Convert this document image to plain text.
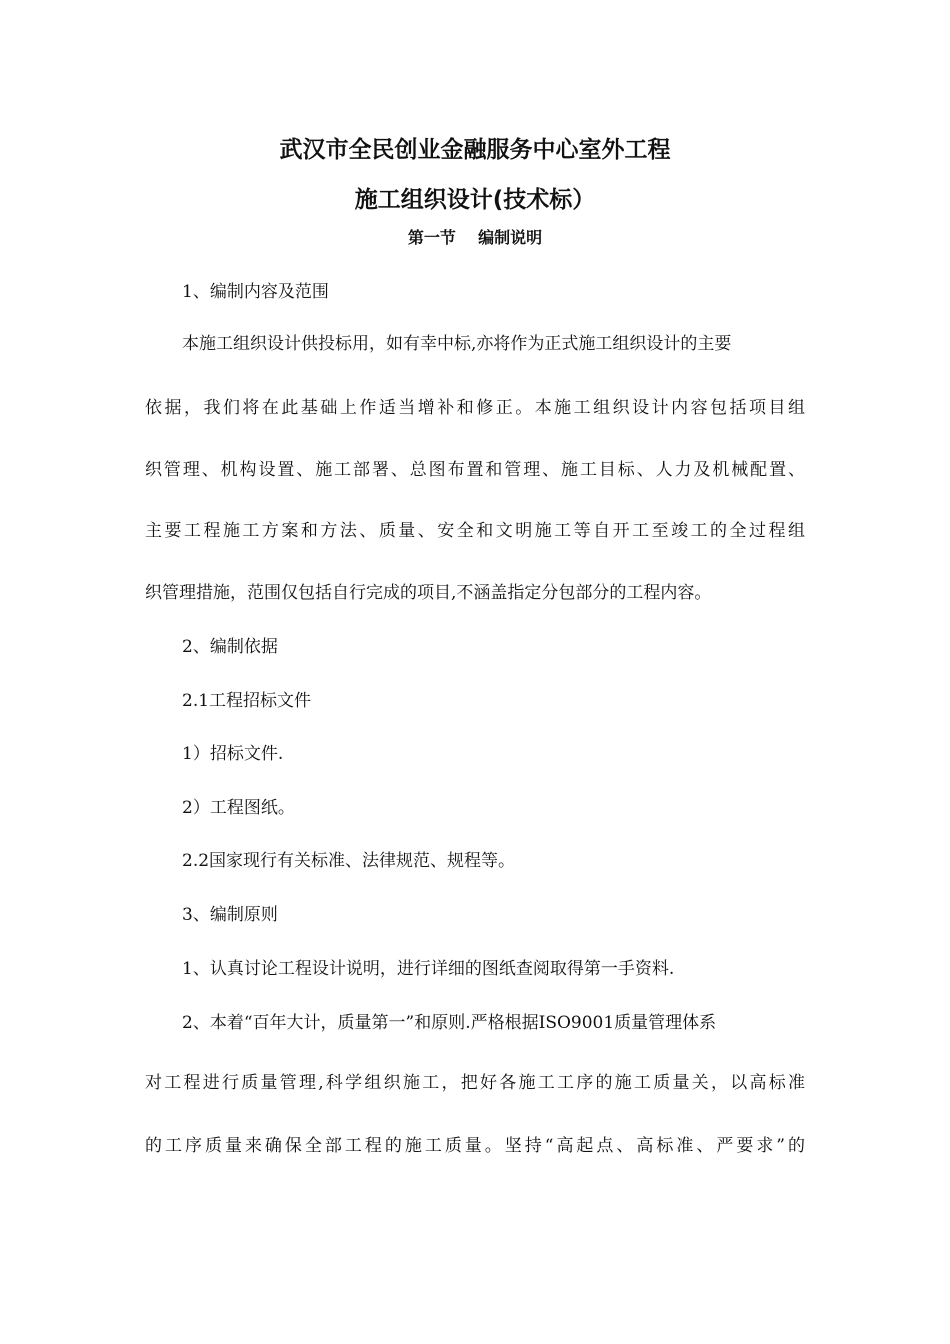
武汉市全民创业金融服务中心室外工程
施工组织设计(技术标）
第一节    编制说明
1、编制内容及范围
本施工组织设计供投标用，如有幸中标,亦将作为正式施工组织设计的主要
依据，我们将在此基础上作适当增补和修正。本施工组织设计内容包括项目组
织管理、机构设置、施工部署、总图布置和管理、施工目标、人力及机械配置、
主要工程施工方案和方法、质量、安全和文明施工等自开工至竣工的全过程组
织管理措施，范围仅包括自行完成的项目,不涵盖指定分包部分的工程内容。
2、编制依据
2.1工程招标文件
1）招标文件.
2）工程图纸。
2.2国家现行有关标准、法律规范、规程等。
3、编制原则
1、认真讨论工程设计说明，进行详细的图纸查阅取得第一手资料.
2、本着“百年大计，质量第一”和原则.严格根据ISO9001质量管理体系
对工程进行质量管理,科学组织施工，把好各施工工序的施工质量关，以高标准
的工序质量来确保全部工程的施工质量。坚持“高起点、高标准、严要求”的
